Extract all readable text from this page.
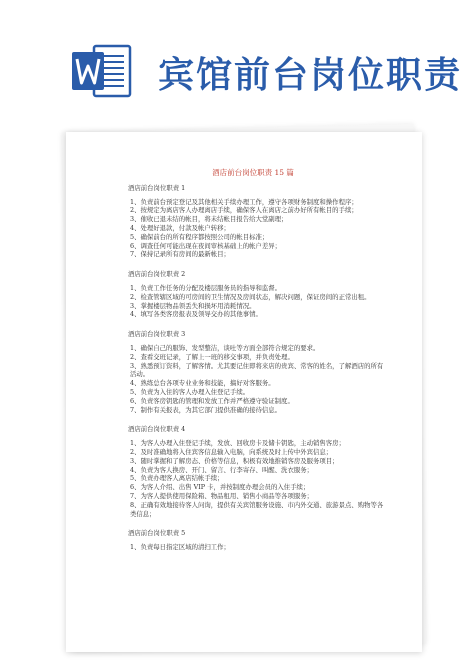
宾馆前台岗位职责
酒店前台岗位职责 15 篇
酒店前台岗位职责 1
1、负责前台预定登记及其他相关手续办理工作，遵守各项财务制度和操作程序；
2、按规定为离店客人办理离店手续，确保客人在离店之前办好所有帐目的手续；
3、催收已退未结的帐目，将未结帐目报告给大堂副理；
4、处理好退款，付款及帐户转移；
5、确保前台的所有程序都按照公司的帐目标准；
6、调查任何可能出现在夜间审核基础上的帐户差异；
7、保持记录所有房间的最新帐目；
酒店前台岗位职责 2
1、负责工作任务的分配及楼层服务员的指导和监督。
2、检查管辖区域的可房间的卫生情况及房间状态，解决问题，保证房间的正常出租。
3、掌握楼层物品领丢失和损坏用消耗情况。
4、填写各类客房报表及领导交办的其他事情。
酒店前台岗位职责 3
1、确保自己的服饰、发型整洁，谈吐等方面全部符合规定的要求。
2、查看交班记录，了解上一班的移交事项，并负责处理。
3、熟悉预订资料，了解客情。尤其要记住即将来店的贵宾、常客的姓名，了解酒店的所有活动。
4、熟练总台各项专业业务和技能，搞好对客服务。
5、负责为入住的客人办理入住登记手续。
6、负责客房钥匙的管理和发放工作并严格遵守验证制度。
7、制作有关报表，为其它部门提供准确的接待信息。
酒店前台岗位职责 4
1、为客人办理入住登记手续，发放、回收房卡及储卡钥匙，主动销售客房；
2、及时准确地将入住宾客信息输入电脑，向系统及时上传中外宾信息；
3、随时掌握和了解房态、价格等信息，积极有效地推销客房及服务项目；
4、负责为客人换房、开门、留言、行李寄存、叫醒、洗衣服务；
5、负责办理客人离店结帐手续；
6、为客人介绍、出售 VIP 卡，并按制度办理会员的入住手续；
7、为客人提供使用保险箱、物品租用、销售小商品等各项服务；
8、正确有效地接待客人问询，提供有关宾馆服务设施、市内外交通、旅游景点、购物等各类信息；
酒店前台岗位职责 5
1、负责每日指定区域的清扫工作；
